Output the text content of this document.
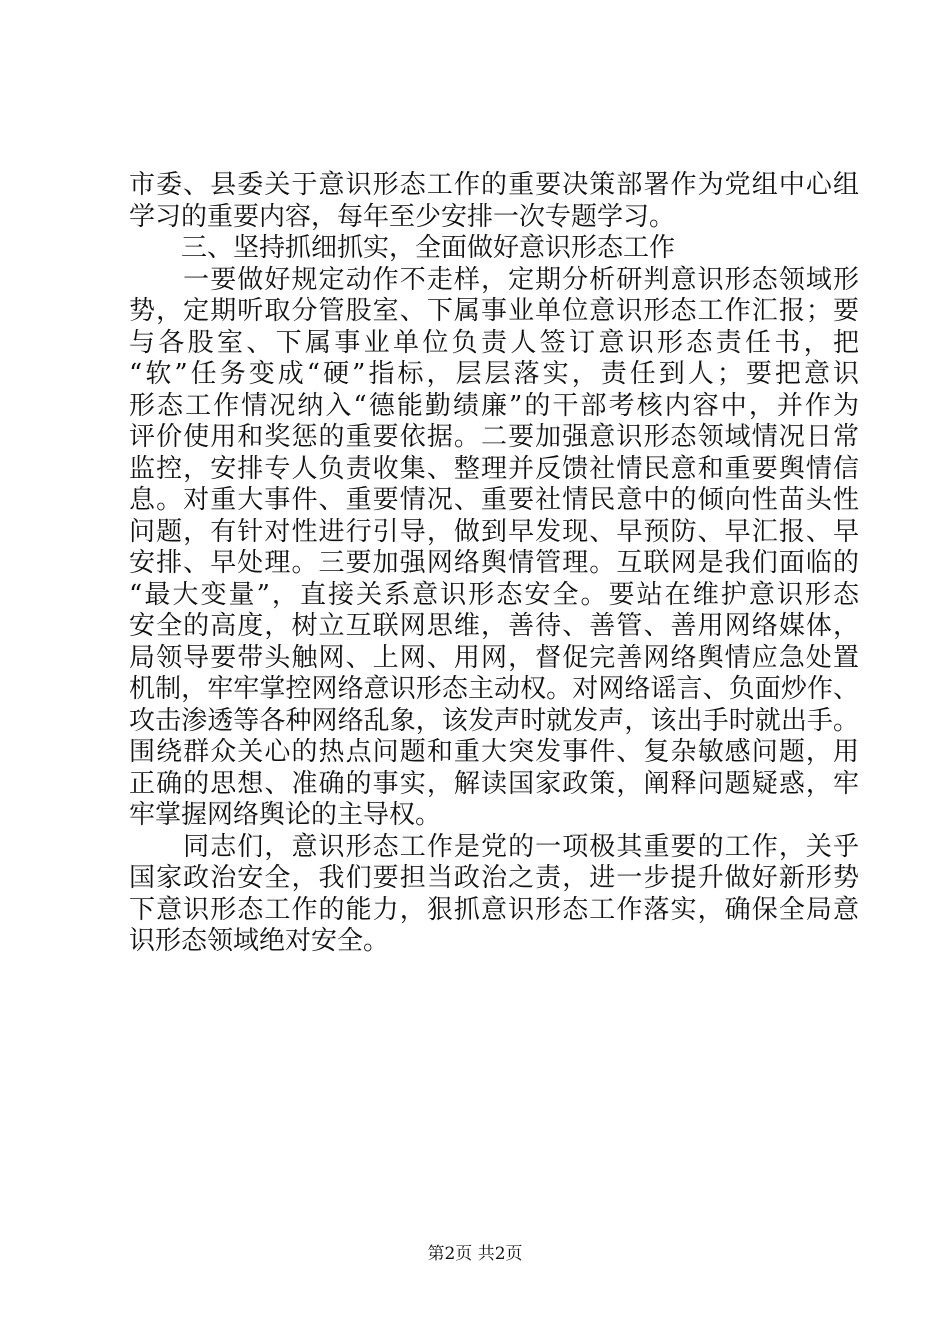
市委、县委关于意识形态工作的重要决策部署作为党组中心组
学习的重要内容，每年至少安排一次专题学习。
　　三、坚持抓细抓实，全面做好意识形态工作
　　一要做好规定动作不走样，定期分析研判意识形态领域形
势，定期听取分管股室、下属事业单位意识形态工作汇报；要
与各股室、下属事业单位负责人签订意识形态责任书，把
“软”任务变成“硬”指标，层层落实，责任到人；要把意识
形态工作情况纳入“德能勤绩廉”的干部考核内容中，并作为
评价使用和奖惩的重要依据。二要加强意识形态领域情况日常
监控，安排专人负责收集、整理并反馈社情民意和重要舆情信
息。对重大事件、重要情况、重要社情民意中的倾向性苗头性
问题，有针对性进行引导，做到早发现、早预防、早汇报、早
安排、早处理。三要加强网络舆情管理。互联网是我们面临的
“最大变量”，直接关系意识形态安全。要站在维护意识形态
安全的高度，树立互联网思维，善待、善管、善用网络媒体，
局领导要带头触网、上网、用网，督促完善网络舆情应急处置
机制，牢牢掌控网络意识形态主动权。对网络谣言、负面炒作、
攻击渗透等各种网络乱象，该发声时就发声，该出手时就出手。
围绕群众关心的热点问题和重大突发事件、复杂敏感问题，用
正确的思想、准确的事实，解读国家政策，阐释问题疑惑，牢
牢掌握网络舆论的主导权。
　　同志们，意识形态工作是党的一项极其重要的工作，关乎
国家政治安全，我们要担当政治之责，进一步提升做好新形势
下意识形态工作的能力，狠抓意识形态工作落实，确保全局意
识形态领域绝对安全。
第2页 共2页
